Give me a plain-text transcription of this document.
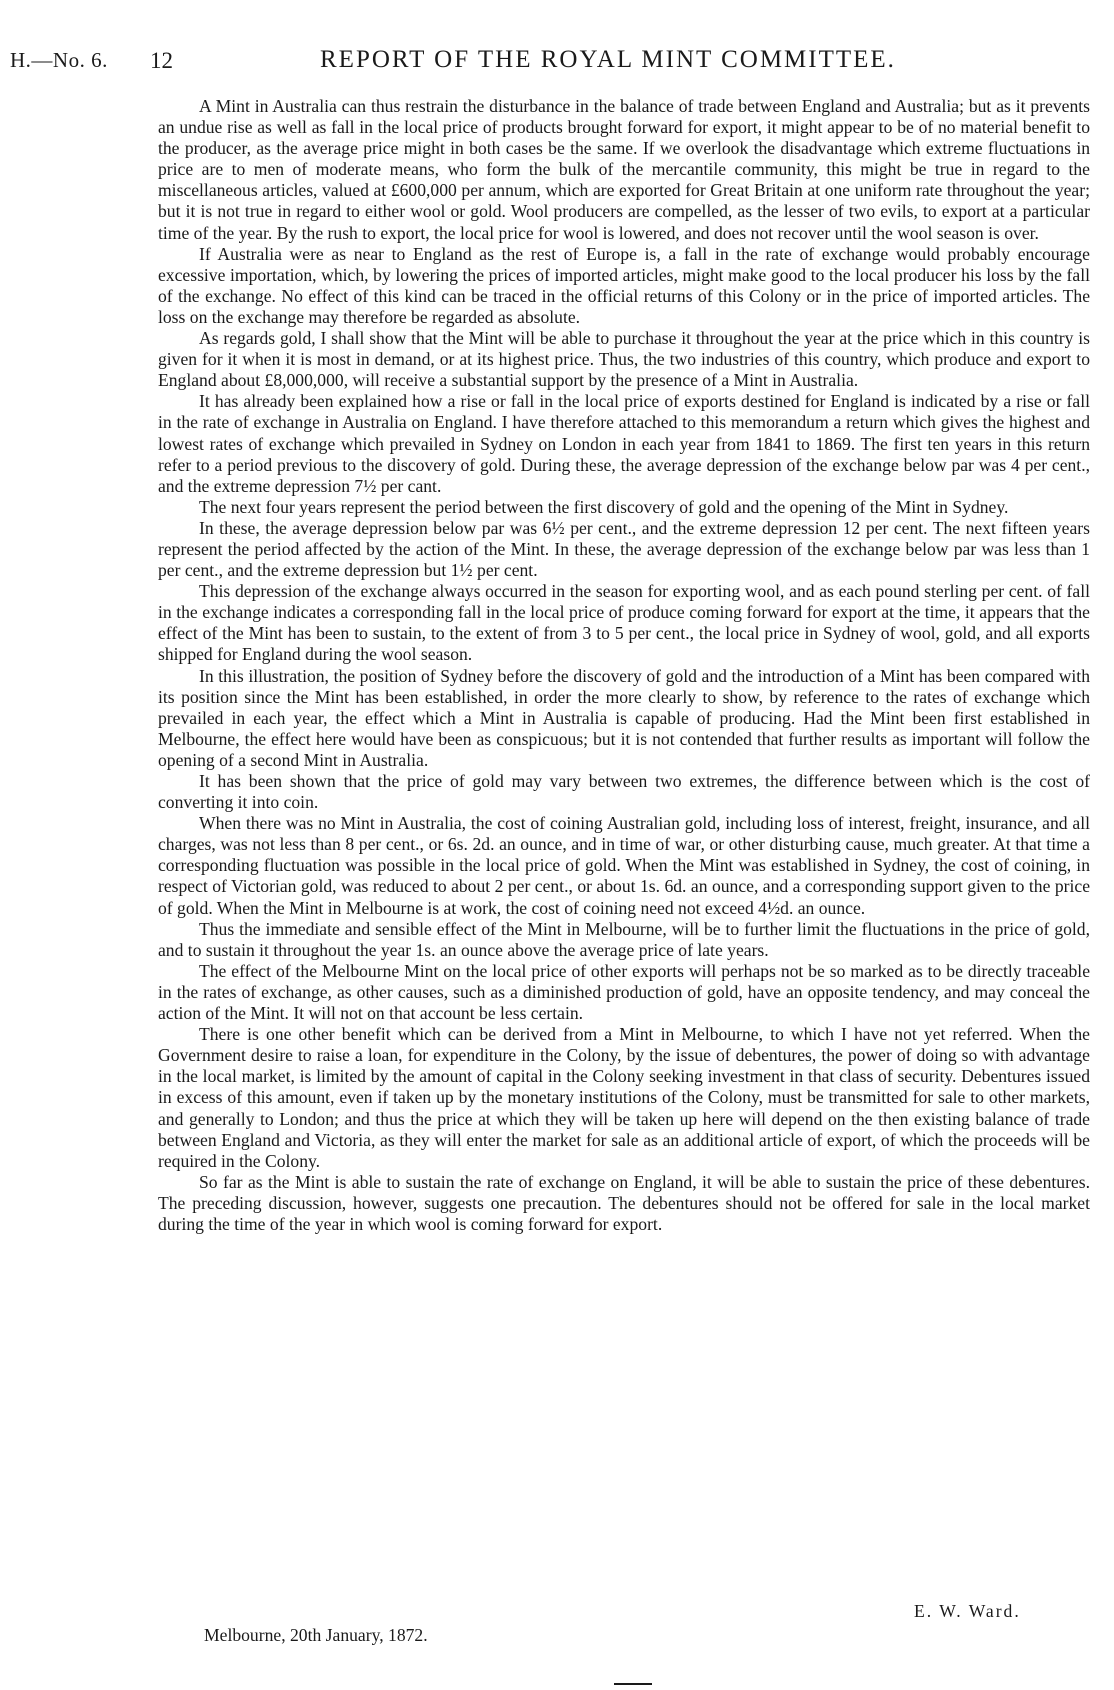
H.—No. 6. 12	REPORT OF THE ROYAL MINT COMMITTEE.

A Mint in Australia can thus restrain the disturbance in the balance of trade between England and Australia; but as it prevents an undue rise as well as fall in the local price of products brought forward for export, it might appear to be of no material benefit to the producer, as the average price might in both cases be the same. If we overlook the disadvantage which extreme fluctuations in price are to men of moderate means, who form the bulk of the mercantile community, this might be true in regard to the miscellaneous articles, valued at £600,000 per annum, which are exported for Great Britain at one uniform rate throughout the year; but it is not true in regard to either wool or gold. Wool producers are compelled, as the lesser of two evils, to export at a particular time of the year. By the rush to export, the local price for wool is lowered, and does not recover until the wool season is over.

If Australia were as near to England as the rest of Europe is, a fall in the rate of exchange would probably encourage excessive importation, which, by lowering the prices of imported articles, might make good to the local producer his loss by the fall of the exchange. No effect of this kind can be traced in the official returns of this Colony or in the price of imported articles. The loss on the exchange may therefore be regarded as absolute.

As regards gold, I shall show that the Mint will be able to purchase it throughout the year at the price which in this country is given for it when it is most in demand, or at its highest price. Thus, the two industries of this country, which produce and export to England about £8,000,000, will receive a substantial support by the presence of a Mint in Australia.

It has already been explained how a rise or fall in the local price of exports destined for England is indicated by a rise or fall in the rate of exchange in Australia on England. I have therefore attached to this memorandum a return which gives the highest and lowest rates of exchange which prevailed in Sydney on London in each year from 1841 to 1869. The first ten years in this return refer to a period previous to the discovery of gold. During these, the average depression of the exchange below par was 4 per cent., and the extreme depression 7½ per cant.

The next four years represent the period between the first discovery of gold and the opening of the Mint in Sydney.

In these, the average depression below par was 6½ per cent., and the extreme depression 12 per cent. The next fifteen years represent the period affected by the action of the Mint. In these, the average depression of the exchange below par was less than 1 per cent., and the extreme depression but 1½ per cent.

This depression of the exchange always occurred in the season for exporting wool, and as each pound sterling per cent. of fall in the exchange indicates a corresponding fall in the local price of produce coming forward for export at the time, it appears that the effect of the Mint has been to sustain, to the extent of from 3 to 5 per cent., the local price in Sydney of wool, gold, and all exports shipped for England during the wool season.

In this illustration, the position of Sydney before the discovery of gold and the introduction of a Mint has been compared with its position since the Mint has been established, in order the more clearly to show, by reference to the rates of exchange which prevailed in each year, the effect which a Mint in Australia is capable of producing. Had the Mint been first established in Melbourne, the effect here would have been as conspicuous; but it is not contended that further results as important will follow the opening of a second Mint in Australia.

It has been shown that the price of gold may vary between two extremes, the difference between which is the cost of converting it into coin.

When there was no Mint in Australia, the cost of coining Australian gold, including loss of interest, freight, insurance, and all charges, was not less than 8 per cent., or 6s. 2d. an ounce, and in time of war, or other disturbing cause, much greater. At that time a corresponding fluctuation was possible in the local price of gold. When the Mint was established in Sydney, the cost of coining, in respect of Victorian gold, was reduced to about 2 per cent., or about 1s. 6d. an ounce, and a corresponding support given to the price of gold. When the Mint in Melbourne is at work, the cost of coining need not exceed 4½d. an ounce.

Thus the immediate and sensible effect of the Mint in Melbourne, will be to further limit the fluctuations in the price of gold, and to sustain it throughout the year 1s. an ounce above the average price of late years.

The effect of the Melbourne Mint on the local price of other exports will perhaps not be so marked as to be directly traceable in the rates of exchange, as other causes, such as a diminished production of gold, have an opposite tendency, and may conceal the action of the Mint. It will not on that account be less certain.

There is one other benefit which can be derived from a Mint in Melbourne, to which I have not yet referred. When the Government desire to raise a loan, for expenditure in the Colony, by the issue of debentures, the power of doing so with advantage in the local market, is limited by the amount of capital in the Colony seeking investment in that class of security. Debentures issued in excess of this amount, even if taken up by the monetary institutions of the Colony, must be transmitted for sale to other markets, and generally to London; and thus the price at which they will be taken up here will depend on the then existing balance of trade between England and Victoria, as they will enter the market for sale as an additional article of export, of which the proceeds will be required in the Colony.

So far as the Mint is able to sustain the rate of exchange on England, it will be able to sustain the price of these debentures. The preceding discussion, however, suggests one precaution. The debentures should not be offered for sale in the local market during the time of the year in which wool is coming forward for export.

E. W. Ward.
Melbourne, 20th January, 1872.
